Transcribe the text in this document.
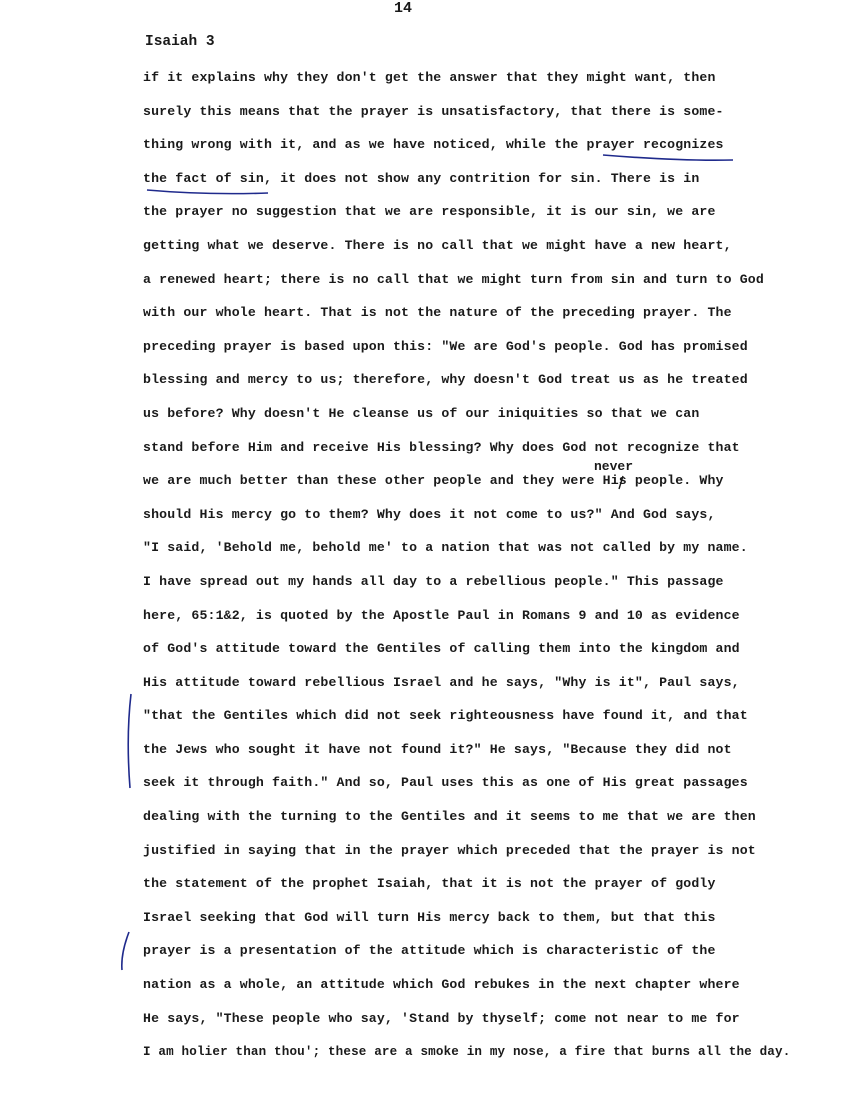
14
Isaiah 3
if it explains why they don't get the answer that they might want, then
surely this means that the prayer is unsatisfactory, that there is some-
thing wrong with it, and as we have noticed, while the prayer recognizes
the fact of sin, it does not show any contrition for sin. There is in
the prayer no suggestion that we are responsible, it is our sin, we are
getting what we deserve. There is no call that we might have a new heart,
a renewed heart; there is no call that we might turn from sin and turn to God
with our whole heart. That is not the nature of the preceding prayer. The
preceding prayer is based upon this: "We are God's people. God has promised
blessing and mercy to us; therefore, why doesn't God treat us as he treated
us before? Why doesn't He cleanse us of our iniquities so that we can
stand before Him and receive His blessing? Why does God not recognize that
we are much better than these other people and they were His people. Why
should His mercy go to them? Why does it not come to us?" And God says,
"I said, 'Behold me, behold me' to a nation that was not called by my name.
I have spread out my hands all day to a rebellious people." This passage
here, 65:1&2, is quoted by the Apostle Paul in Romans 9 and 10 as evidence
of God's attitude toward the Gentiles of calling them into the kingdom and
His attitude toward rebellious Israel and he says, "Why is it", Paul says,
"that the Gentiles which did not seek righteousness have found it, and that
the Jews who sought it have not found it?" He says, "Because they did not
seek it through faith." And so, Paul uses this as one of His great passages
dealing with the turning to the Gentiles and it seems to me that we are then
justified in saying that in the prayer which preceded that the prayer is not
the statement of the prophet Isaiah, that it is not the prayer of godly
Israel seeking that God will turn His mercy back to them, but that this
prayer is a presentation of the attitude which is characteristic of the
nation as a whole, an attitude which God rebukes in the next chapter where
He says, "These people who say, 'Stand by thyself; come not near to me for
I am holier than thou'; these are a smoke in my nose, a fire that burns all the day.
never
